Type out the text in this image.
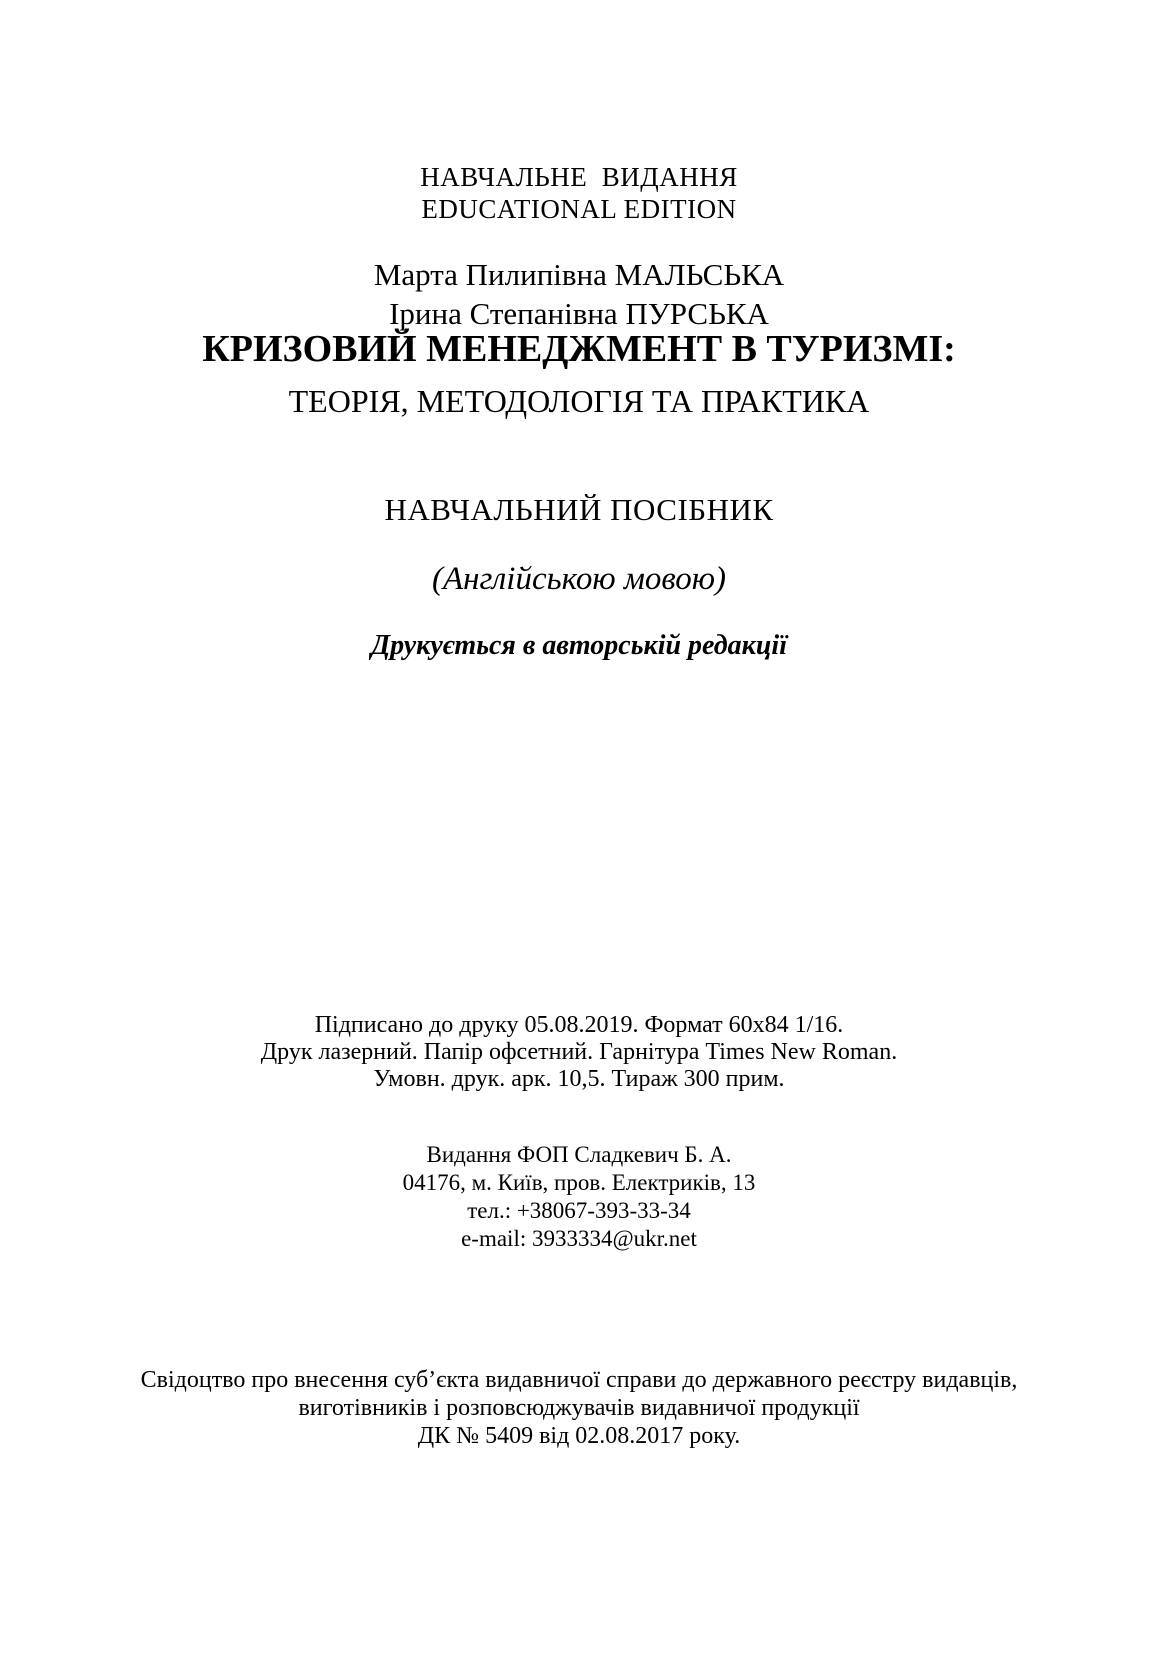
НАВЧАЛЬНЕ  ВИДАННЯ
EDUCATIONAL EDITION
Марта Пилипівна МАЛЬСЬКА
Ірина Степанівна ПУРСЬКА
КРИЗОВИЙ МЕНЕДЖМЕНТ В ТУРИЗМІ:
ТЕОРІЯ, МЕТОДОЛОГІЯ ТА ПРАКТИКА
НАВЧАЛЬНИЙ ПОСІБНИК
(Англійською мовою)
Друкується в авторській редакції
Підписано до друку 05.08.2019. Формат 60х84 1/16.
Друк лазерний. Папір офсетний. Гарнітура Times New Roman.
Умовн. друк. арк. 10,5. Тираж 300 прим.
Видання ФОП Сладкевич Б. А.
04176, м. Київ, пров. Електриків, 13
тел.: +38067-393-33-34
e-mail: 3933334@ukr.net
Свідоцтво про внесення суб’єкта видавничої справи до державного реєстру видавців,
виготівників і розповсюджувачів видавничої продукції
ДК № 5409 від 02.08.2017 року.
